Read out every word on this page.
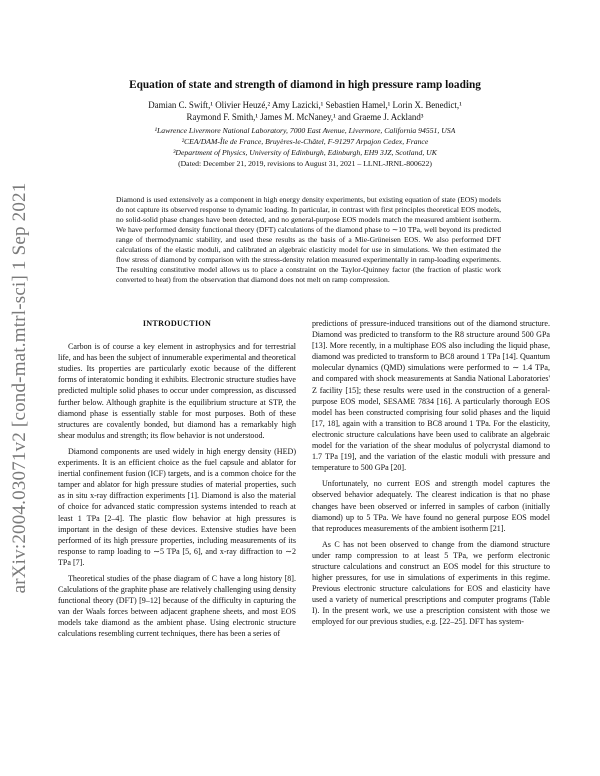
arXiv:2004.03071v2 [cond-mat.mtrl-sci] 1 Sep 2021
Equation of state and strength of diamond in high pressure ramp loading
Damian C. Swift,¹ Olivier Heuzé,² Amy Lazicki,¹ Sebastien Hamel,¹ Lorin X. Benedict,¹
Raymond F. Smith,¹ James M. McNaney,¹ and Graeme J. Ackland³
¹Lawrence Livermore National Laboratory, 7000 East Avenue, Livermore, California 94551, USA
²CEA/DAM-Île de France, Bruyères-le-Châtel, F-91297 Arpajon Cedex, France
³Department of Physics, University of Edinburgh, Edinburgh, EH9 3JZ, Scotland, UK
(Dated: December 21, 2019, revisions to August 31, 2021 – LLNL-JRNL-800622)

Diamond is used extensively as a component in high energy density experiments, but existing equation of state (EOS) models do not capture its observed response to dynamic loading. In particular, in contrast with first principles theoretical EOS models, no solid-solid phase changes have been detected, and no general-purpose EOS models match the measured ambient isotherm. We have performed density functional theory (DFT) calculations of the diamond phase to ∼10 TPa, well beyond its predicted range of thermodynamic stability, and used these results as the basis of a Mie-Grüneisen EOS. We also performed DFT calculations of the elastic moduli, and calibrated an algebraic elasticity model for use in simulations. We then estimated the flow stress of diamond by comparison with the stress-density relation measured experimentally in ramp-loading experiments. The resulting constitutive model allows us to place a constraint on the Taylor-Quinney factor (the fraction of plastic work converted to heat) from the observation that diamond does not melt on ramp compression.

INTRODUCTION

Carbon is of course a key element in astrophysics and for terrestrial life, and has been the subject of innumerable experimental and theoretical studies. Its properties are particularly exotic because of the different forms of interatomic bonding it exhibits. Electronic structure studies have predicted multiple solid phases to occur under compression, as discussed further below. Although graphite is the equilibrium structure at STP, the diamond phase is essentially stable for most purposes. Both of these structures are covalently bonded, but diamond has a remarkably high shear modulus and strength; its flow behavior is not understood.

Diamond components are used widely in high energy density (HED) experiments. It is an efficient choice as the fuel capsule and ablator for inertial confinement fusion (ICF) targets, and is a common choice for the tamper and ablator for high pressure studies of material properties, such as in situ x-ray diffraction experiments [1]. Diamond is also the material of choice for advanced static compression systems intended to reach at least 1 TPa [2–4]. The plastic flow behavior at high pressures is important in the design of these devices. Extensive studies have been performed of its high pressure properties, including measurements of its response to ramp loading to ∼5 TPa [5, 6], and x-ray diffraction to ∼2 TPa [7].

Theoretical studies of the phase diagram of C have a long history [8]. Calculations of the graphite phase are relatively challenging using density functional theory (DFT) [9–12] because of the difficulty in capturing the van der Waals forces between adjacent graphene sheets, and most EOS models take diamond as the ambient phase. Using electronic structure calculations resembling current techniques, there has been a series of

predictions of pressure-induced transitions out of the diamond structure. Diamond was predicted to transform to the R8 structure around 500 GPa [13]. More recently, in a multiphase EOS also including the liquid phase, diamond was predicted to transform to BC8 around 1 TPa [14]. Quantum molecular dynamics (QMD) simulations were performed to ∼ 1.4 TPa, and compared with shock measurements at Sandia National Laboratories' Z facility [15]; these results were used in the construction of a general-purpose EOS model, SESAME 7834 [16]. A particularly thorough EOS model has been constructed comprising four solid phases and the liquid [17, 18], again with a transition to BC8 around 1 TPa. For the elasticity, electronic structure calculations have been used to calibrate an algebraic model for the variation of the shear modulus of polycrystal diamond to 1.7 TPa [19], and the variation of the elastic moduli with pressure and temperature to 500 GPa [20].

Unfortunately, no current EOS and strength model captures the observed behavior adequately. The clearest indication is that no phase changes have been observed or inferred in samples of carbon (initially diamond) up to 5 TPa. We have found no general purpose EOS model that reproduces measurements of the ambient isotherm [21].

As C has not been observed to change from the diamond structure under ramp compression to at least 5 TPa, we perform electronic structure calculations and construct an EOS model for this structure to higher pressures, for use in simulations of experiments in this regime. Previous electronic structure calculations for EOS and elasticity have used a variety of numerical prescriptions and computer programs (Table I). In the present work, we use a prescription consistent with those we employed for our previous studies, e.g. [22–25]. DFT has system-
